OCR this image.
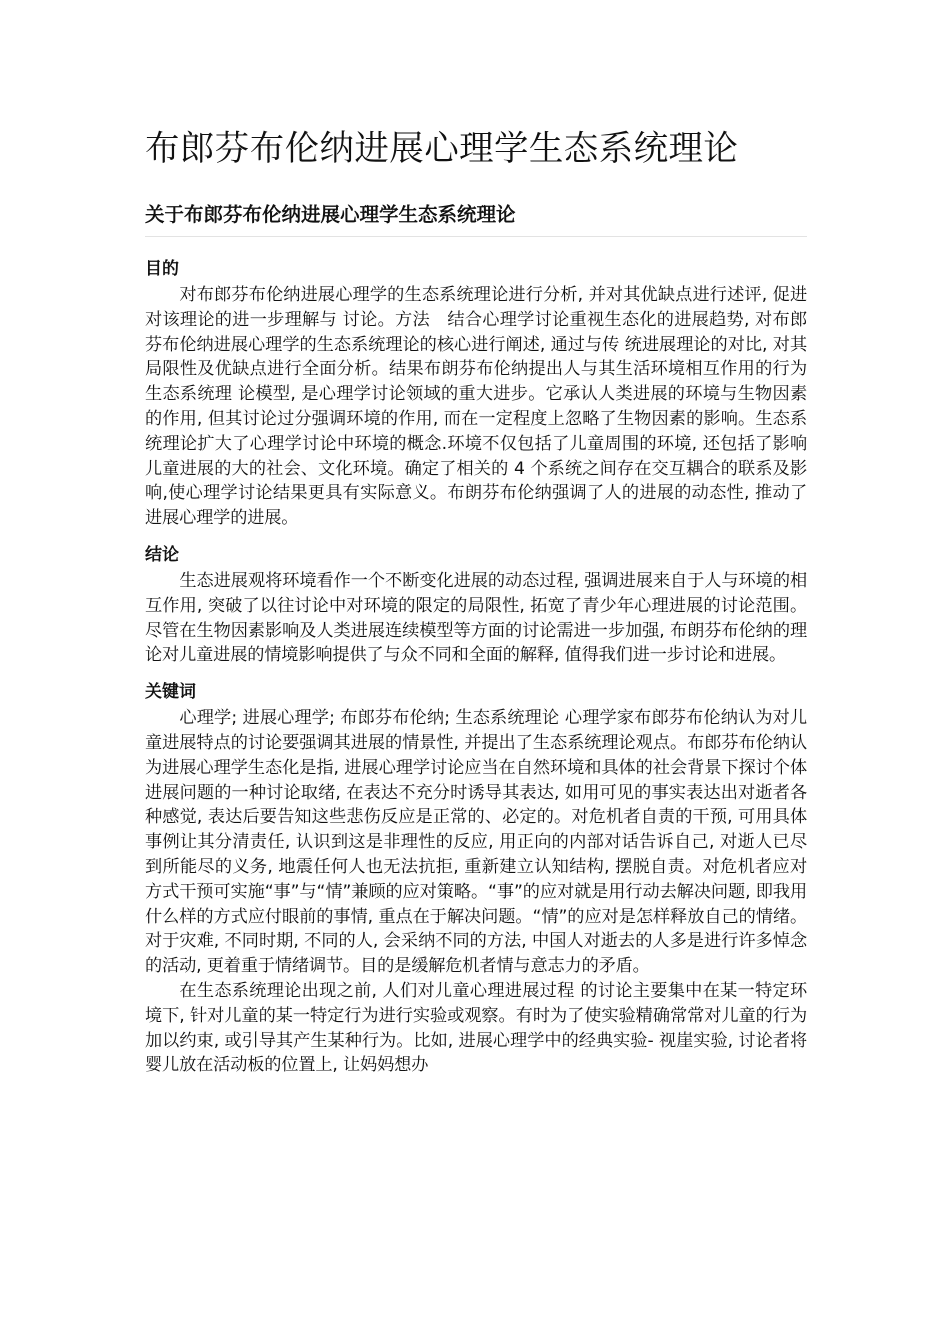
布郎芬布伦纳进展心理学生态系统理论
关于布郎芬布伦纳进展心理学生态系统理论
目的

对布郎芬布伦纳进展心理学的生态系统理论进行分析, 并对其优缺点进行述评, 促进对该理论的进一步理解与 讨论。方法　结合心理学讨论重视生态化的进展趋势, 对布郎芬布伦纳进展心理学的生态系统理论的核心进行阐述, 通过与传 统进展理论的对比, 对其局限性及优缺点进行全面分析。结果布朗芬布伦纳提出人与其生活环境相互作用的行为生态系统理 论模型, 是心理学讨论领域的重大进步。它承认人类进展的环境与生物因素的作用, 但其讨论过分强调环境的作用, 而在一定程度上忽略了生物因素的影响。生态系统理论扩大了心理学讨论中环境的概念.环境不仅包括了儿童周围的环境, 还包括了影响儿童进展的大的社会、文化环境。确定了相关的 4 个系统之间存在交互耦合的联系及影响,使心理学讨论结果更具有实际意义。布朗芬布伦纳强调了人的进展的动态性, 推动了进展心理学的进展。

结论

生态进展观将环境看作一个不断变化进展的动态过程, 强调进展来自于人与环境的相互作用, 突破了以往讨论中对环境的限定的局限性, 拓宽了青少年心理进展的讨论范围。尽管在生物因素影响及人类进展连续模型等方面的讨论需进一步加强, 布朗芬布伦纳的理论对儿童进展的情境影响提供了与众不同和全面的解释, 值得我们进一步讨论和进展。

关键词

心理学; 进展心理学; 布郎芬布伦纳; 生态系统理论 心理学家布郎芬布伦纳认为对儿童进展特点的讨论要强调其进展的情景性, 并提出了生态系统理论观点。布郎芬布伦纳认为进展心理学生态化是指, 进展心理学讨论应当在自然环境和具体的社会背景下探讨个体进展问题的一种讨论取绪, 在表达不充分时诱导其表达, 如用可见的事实表达出对逝者各种感觉, 表达后要告知这些悲伤反应是正常的、必定的。对危机者自责的干预, 可用具体事例让其分清责任, 认识到这是非理性的反应, 用正向的内部对话告诉自己, 对逝人已尽到所能尽的义务, 地震任何人也无法抗拒, 重新建立认知结构, 摆脱自责。对危机者应对方式干预可实施“事”与“情”兼顾的应对策略。“事”的应对就是用行动去解决问题, 即我用什么样的方式应付眼前的事情, 重点在于解决问题。“情”的应对是怎样释放自己的情绪。对于灾难, 不同时期, 不同的人, 会采纳不同的方法, 中国人对逝去的人多是进行许多悼念的活动, 更着重于情绪调节。目的是缓解危机者情与意志力的矛盾。

在生态系统理论出现之前, 人们对儿童心理进展过程 的讨论主要集中在某一特定环境下, 针对儿童的某一特定行为进行实验或观察。有时为了使实验精确常常对儿童的行为加以约束, 或引导其产生某种行为。比如, 进展心理学中的经典实验- 视崖实验, 讨论者将婴儿放在活动板的位置上, 让妈妈想办
